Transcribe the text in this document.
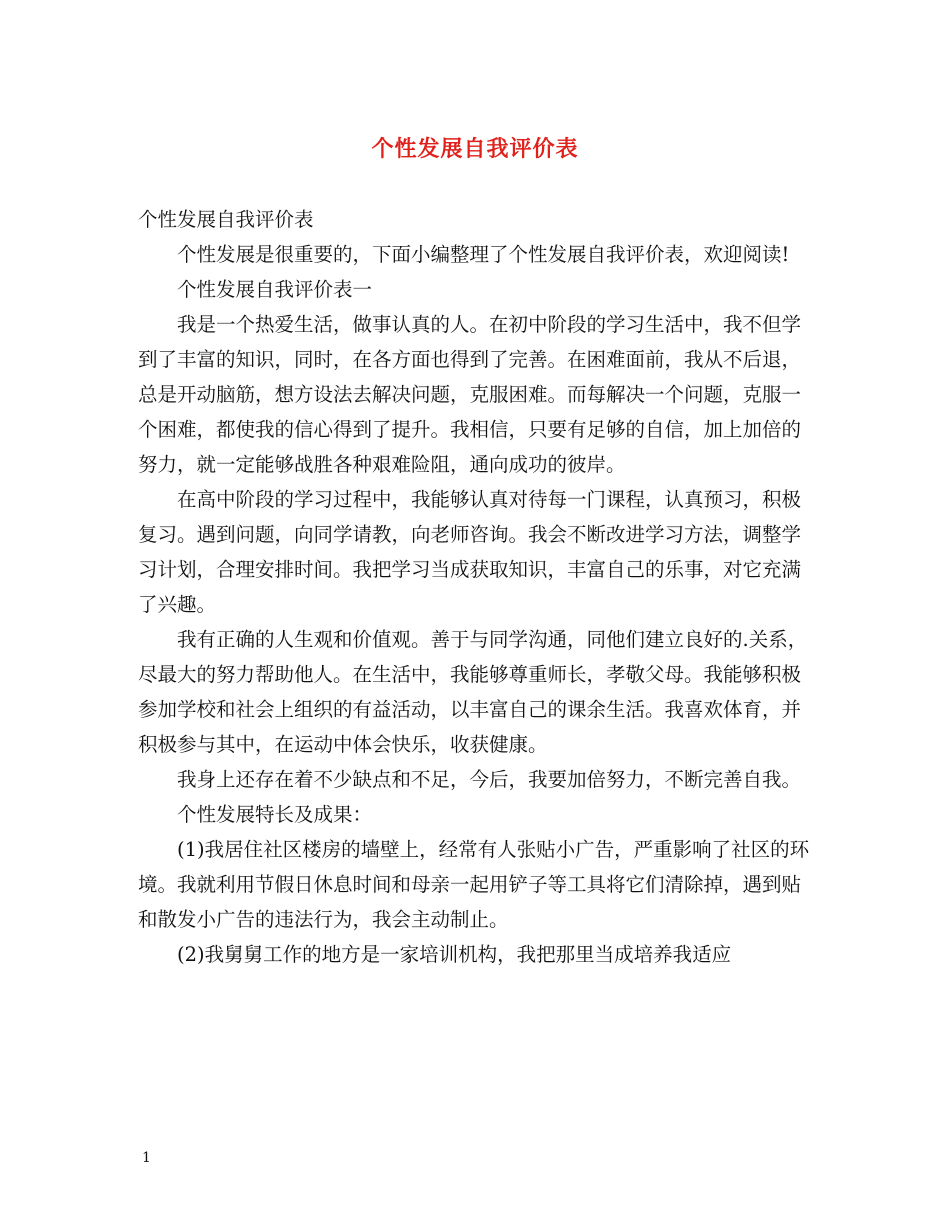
个性发展自我评价表

个性发展自我评价表

个性发展是很重要的，下面小编整理了个性发展自我评价表，欢迎阅读!

个性发展自我评价表一

我是一个热爱生活，做事认真的人。在初中阶段的学习生活中，我不但学到了丰富的知识，同时，在各方面也得到了完善。在困难面前，我从不后退，总是开动脑筋，想方设法去解决问题，克服困难。而每解决一个问题，克服一个困难，都使我的信心得到了提升。我相信，只要有足够的自信，加上加倍的努力，就一定能够战胜各种艰难险阻，通向成功的彼岸。

在高中阶段的学习过程中，我能够认真对待每一门课程，认真预习，积极复习。遇到问题，向同学请教，向老师咨询。我会不断改进学习方法，调整学习计划，合理安排时间。我把学习当成获取知识，丰富自己的乐事，对它充满了兴趣。

我有正确的人生观和价值观。善于与同学沟通，同他们建立良好的.关系，尽最大的努力帮助他人。在生活中，我能够尊重师长，孝敬父母。我能够积极参加学校和社会上组织的有益活动，以丰富自己的课余生活。我喜欢体育，并积极参与其中，在运动中体会快乐，收获健康。

我身上还存在着不少缺点和不足，今后，我要加倍努力，不断完善自我。

个性发展特长及成果：

(1)我居住社区楼房的墙壁上，经常有人张贴小广告，严重影响了社区的环境。我就利用节假日休息时间和母亲一起用铲子等工具将它们清除掉，遇到贴和散发小广告的违法行为，我会主动制止。

(2)我舅舅工作的地方是一家培训机构，我把那里当成培养我适应

1
